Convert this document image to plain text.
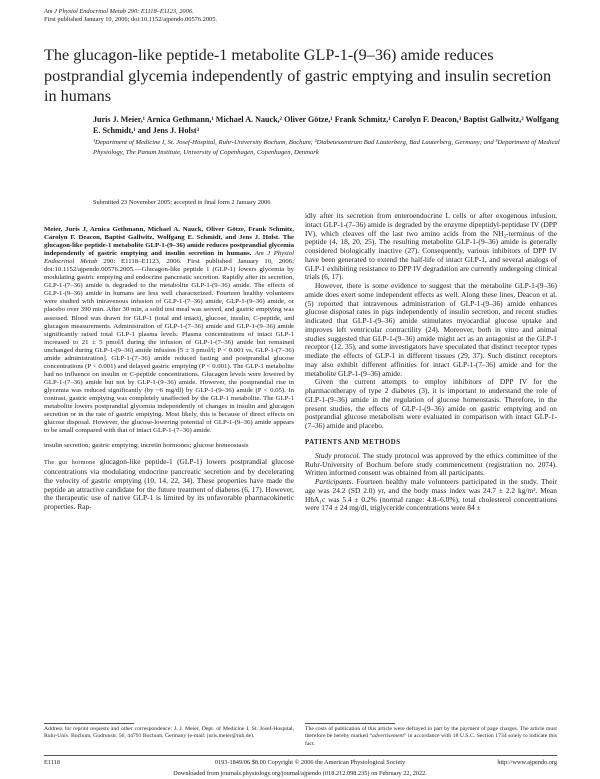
Am J Physiol Endocrinol Metab 290: E1118–E1123, 2006.
First published January 10, 2006; doi:10.1152/ajpendo.00576.2005.
The glucagon-like peptide-1 metabolite GLP-1-(9–36) amide reduces postprandial glycemia independently of gastric emptying and insulin secretion in humans
Juris J. Meier,¹ Arnica Gethmann,¹ Michael A. Nauck,² Oliver Götze,¹ Frank Schmitz,¹ Carolyn F. Deacon,³ Baptist Gallwitz,² Wolfgang E. Schmidt,¹ and Jens J. Holst³
¹Department of Medicine I, St. Josef-Hospital, Ruhr-University Bochum, Bochum; ²Diabeteszentrum Bad Lauterberg, Bad Lauterberg, Germany; and ³Department of Medical Physiology, The Panum Institute, University of Copenhagen, Copenhagen, Denmark
Submitted 23 November 2005; accepted in final form 2 January 2006

Meier, Juris J, Arnica Gethmann, Michael A. Nauck, Oliver Götze, Frank Schmitz, Carolyn F. Deacon, Baptist Gallwitz, Wolfgang E. Schmidt, and Jens J. Holst. The glucagon-like peptide-1 metabolite GLP-1-(9–36) amide reduces postprandial glycemia independently of gastric emptying and insulin secretion in humans. Am J Physiol Endocrinol Metab 290: E1118–E1123, 2006. First published January 10, 2006; doi:10.1152/ajpendo.00576.2005.—Glucagon-like peptide 1 (GLP-1) lowers glycemia by modulating gastric emptying and endocrine pancreatic secretion. Rapidly after its secretion, GLP-1-(7–36) amide is degraded to the metabolite GLP-1-(9–36) amide. The effects of GLP-1-(9–36) amide in humans are less well characterized. Fourteen healthy volunteers were studied with intravenous infusion of GLP-1-(7–36) amide, GLP-1-(9–36) amide, or placebo over 390 min. After 30 min, a solid test meal was served, and gastric emptying was assessed. Blood was drawn for GLP-1 (total and intact), glucose, insulin, C-peptide, and glucagon measurements. Administration of GLP-1-(7–36) amide and GLP-1-(9–36) amide significantly raised total GLP-1 plasma levels. Plasma concentrations of intact GLP-1 increased to 21 ± 5 pmol/l during the infusion of GLP-1-(7–36) amide but remained unchanged during GLP-1-(9–36) amide infusion [5 ± 3 pmol/l; P < 0.001 vs. GLP-1-(7–36) amide administration]. GLP-1-(7–36) amide reduced fasting and postprandial glucose concentrations (P < 0.001) and delayed gastric emptying (P < 0.001). The GLP-1 metabolite had no influence on insulin or C-peptide concentrations. Glucagon levels were lowered by GLP-1-(7–36) amide but not by GLP-1-(9–36) amide. However, the postprandial rise in glycemia was reduced significantly (by ~6 mg/dl) by GLP-1-(9–36) amide (P < 0.05). In contrast, gastric emptying was completely unaffected by the GLP-1 metabolite. The GLP-1 metabolite lowers postprandial glycemia independently of changes in insulin and glucagon secretion or in the rate of gastric emptying. Most likely, this is because of direct effects on glucose disposal. However, the glucose-lowering potential of GLP-1-(9–36) amide appears to be small compared with that of intact GLP-1-(7–36) amide.

insulin secretion; gastric emptying; incretin hormones; glucose homeostasis

The gut hormone glucagon-like peptide-1 (GLP-1) lowers postprandial glucose concentrations via modulating endocrine pancreatic secretion and by decelerating the velocity of gastric emptying (10, 14, 22, 34). These properties have made the peptide an attractive candidate for the future treatment of diabetes (6, 17). However, the therapeutic use of native GLP-1 is limited by its unfavorable pharmacokinetic properties. Rap-

idly after its secretion from enteroendocrine L cells or after exogenous infusion, intact GLP-1-(7–36) amide is degraded by the enzyme dipeptidyl-peptidase IV (DPP IV), which cleaves off the last two amino acids from the NH₂-terminus of the peptide (4, 18, 20, 25). The resulting metabolite GLP-1-(9–36) amide is generally considered biologically inactive (27). Consequently, various inhibitors of DPP IV have been generated to extend the half-life of intact GLP-1, and several analogs of GLP-1 exhibiting resistance to DPP IV degradation are currently undergoing clinical trials (6, 17).

However, there is some evidence to suggest that the metabolite GLP-1-(9–36) amide does exert some independent effects as well. Along these lines, Deacon et al. (5) reported that intravenous administration of GLP-1-(9–36) amide enhances glucose disposal rates in pigs independently of insulin secretion, and recent studies indicated that GLP-1-(9–36) amide stimulates myocardial glucose uptake and improves left ventricular contractility (24). Moreover, both in vitro and animal studies suggested that GLP-1-(9–36) amide might act as an antagonist at the GLP-1 receptor (12, 35), and some investigators have speculated that distinct receptor types mediate the effects of GLP-1 in different tissues (29, 37). Such distinct receptors may also exhibit different affinities for intact GLP-1-(7–36) amide and for the metabolite GLP-1-(9–36) amide.

Given the current attempts to employ inhibitors of DPP IV for the pharmacotherapy of type 2 diabetes (3), it is important to understand the role of GLP-1-(9–36) amide in the regulation of glucose homeostasis. Therefore, in the present studies, the effects of GLP-1-(9–36) amide on gastric emptying and on postprandial glucose metabolism were evaluated in comparison with intact GLP-1-(7–36) amide and placebo.

PATIENTS AND METHODS

Study protocol. The study protocol was approved by the ethics committee of the Ruhr-University of Bochum before study commencement (registration no. 2074). Written informed consent was obtained from all participants.

Participants. Fourteen healthy male volunteers participated in the study. Their age was 24.2 (SD 2.0) yr, and the body mass index was 24.7 ± 2.2 kg/m². Mean HbA₁c was 5.4 ± 0.2% (normal range: 4.8–6.0%), total cholesterol concentrations were 174 ± 24 mg/dl, triglyceride concentrations were 84 ±

Address for reprint requests and other correspondence: J. J. Meier, Dept. of Medicine I, St. Josef-Hospital, Ruhr-Univ. Bochum, Gudrunstr. 56, 44791 Bochum, Germany (e-mail: juris.meier@rub.de).
The costs of publication of this article were defrayed in part by the payment of page charges. The article must therefore be hereby marked “advertisement” in accordance with 18 U.S.C. Section 1734 solely to indicate this fact.
E1118	0193-1849/06 $8.00 Copyright © 2006 the American Physiological Society	http://www.ajpendo.org
Downloaded from journals.physiology.org/journal/ajpendo (018.212.098.235) on February 22, 2022.
